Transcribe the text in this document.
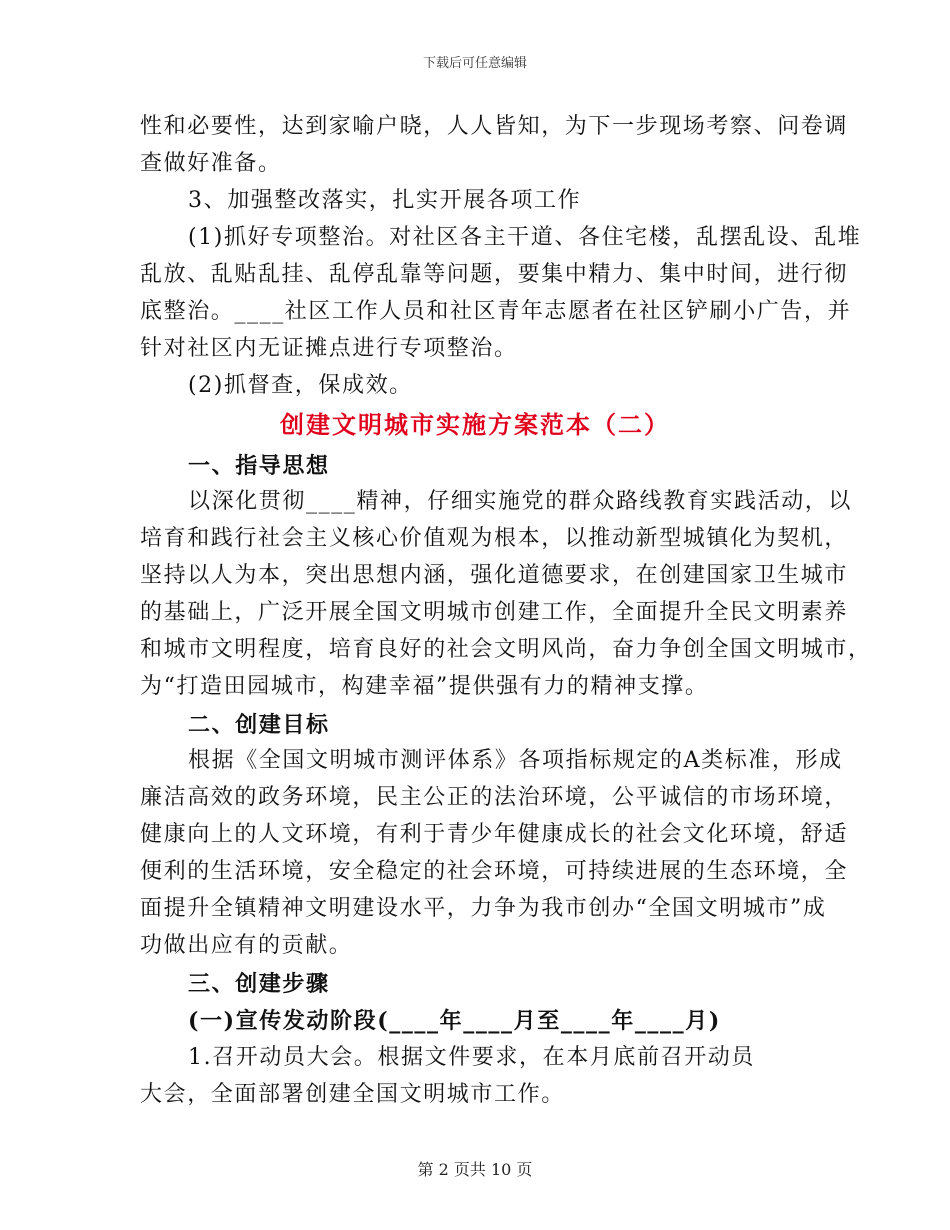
下载后可任意编辑
性和必要性，达到家喻户晓，人人皆知，为下一步现场考察、问卷调
查做好准备。
3、加强整改落实，扎实开展各项工作
(1)抓好专项整治。对社区各主干道、各住宅楼，乱摆乱设、乱堆
乱放、乱贴乱挂、乱停乱靠等问题，要集中精力、集中时间，进行彻
底整治。____社区工作人员和社区青年志愿者在社区铲刷小广告，并
针对社区内无证摊点进行专项整治。
(2)抓督查，保成效。
创建文明城市实施方案范本（二）
一、指导思想
以深化贯彻____精神，仔细实施党的群众路线教育实践活动，以
培育和践行社会主义核心价值观为根本，以推动新型城镇化为契机，
坚持以人为本，突出思想内涵，强化道德要求，在创建国家卫生城市
的基础上，广泛开展全国文明城市创建工作，全面提升全民文明素养
和城市文明程度，培育良好的社会文明风尚，奋力争创全国文明城市，
为“打造田园城市，构建幸福”提供强有力的精神支撑。
二、创建目标
根据《全国文明城市测评体系》各项指标规定的A类标准，形成
廉洁高效的政务环境，民主公正的法治环境，公平诚信的市场环境，
健康向上的人文环境，有利于青少年健康成长的社会文化环境，舒适
便利的生活环境，安全稳定的社会环境，可持续进展的生态环境，全
面提升全镇精神文明建设水平，力争为我市创办“全国文明城市”成
功做出应有的贡献。
三、创建步骤
(一)宣传发动阶段(____年____月至____年____月)
1.召开动员大会。根据文件要求，在本月底前召开动员
大会，全面部署创建全国文明城市工作。
第 2 页共 10 页
